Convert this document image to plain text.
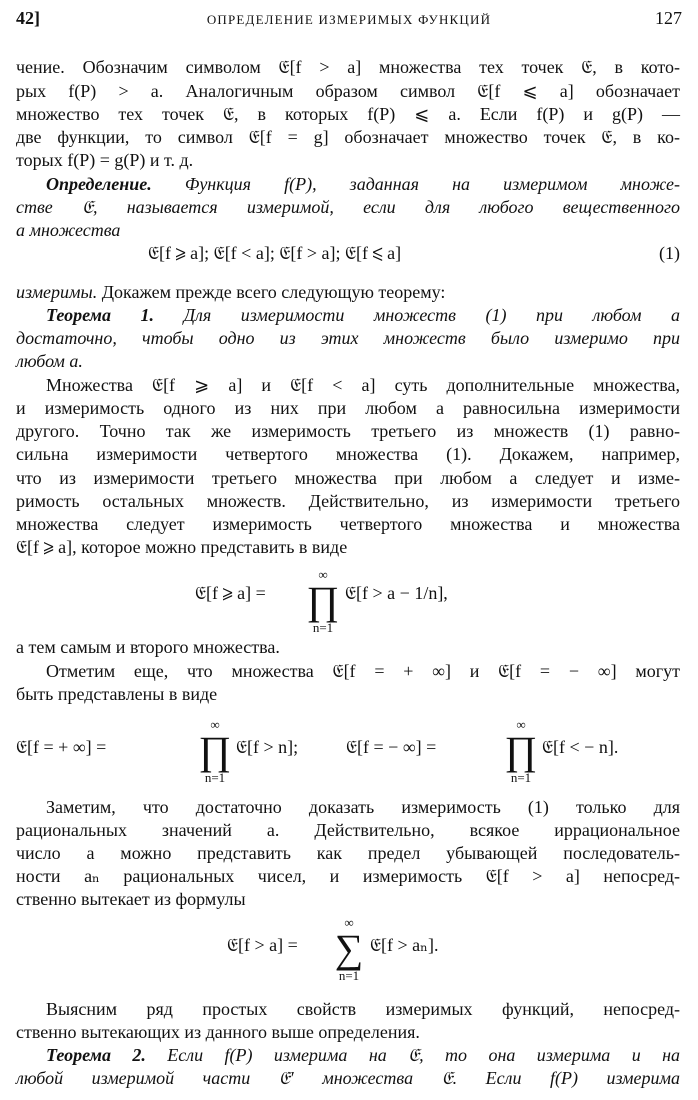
42]	ОПРЕДЕЛЕНИЕ ИЗМЕРИМЫХ ФУНКЦИЙ	127
чение. Обозначим символом 𝔈[f > a] множества тех точек 𝔈, в кото-
рых f(P) > a. Аналогичным образом символ 𝔈[f ⩽ a] обозначает
множество тех точек 𝔈, в которых f(P) ⩽ a. Если f(P) и g(P) —
две функции, то символ 𝔈[f = g] обозначает множество точек 𝔈, в ко-
торых f(P) = g(P) и т. д.
Определение. Функция f(P), заданная на измеримом множе-
стве 𝔈, называется измеримой, если для любого вещественного
a множества
𝔈[f ⩾ a]; 𝔈[f < a]; 𝔈[f > a]; 𝔈[f ⩽ a]	(1)
измеримы. Докажем прежде всего следующую теорему:
Теорема 1. Для измеримости множеств (1) при любом a
достаточно, чтобы одно из этих множеств было измеримо при
любом a.
Множества 𝔈[f ⩾ a] и 𝔈[f < a] суть дополнительные множества,
и измеримость одного из них при любом a равносильна измеримости
другого. Точно так же измеримость третьего из множеств (1) равно-
сильна измеримости четвертого множества (1). Докажем, например,
что из измеримости третьего множества при любом a следует и изме-
римость остальных множеств. Действительно, из измеримости третьего
множества следует измеримость четвертого множества и множества
𝔈[f ⩾ a], которое можно представить в виде
𝔈[f ⩾ a] =
∞
∏
n=1
𝔈[f > a − 1/n],
а тем самым и второго множества.
Отметим еще, что множества 𝔈[f = + ∞] и 𝔈[f = − ∞] могут
быть представлены в виде
𝔈[f = + ∞] =
∞
∏
n=1
𝔈[f > n];	𝔈[f = − ∞] =
∞
∏
n=1
𝔈[f < − n].
Заметим, что достаточно доказать измеримость (1) только для
рациональных значений a. Действительно, всякое иррациональное
число a можно представить как предел убывающей последователь-
ности aₙ рациональных чисел, и измеримость 𝔈[f > a] непосред-
ственно вытекает из формулы
𝔈[f > a] =
∞
∑
n=1
𝔈[f > aₙ].
Выясним ряд простых свойств измеримых функций, непосред-
ственно вытекающих из данного выше определения.
Теорема 2. Если f(P) измерима на 𝔈, то она измерима и на
любой измеримой части 𝔈′ множества 𝔈. Если f(P) измерима
